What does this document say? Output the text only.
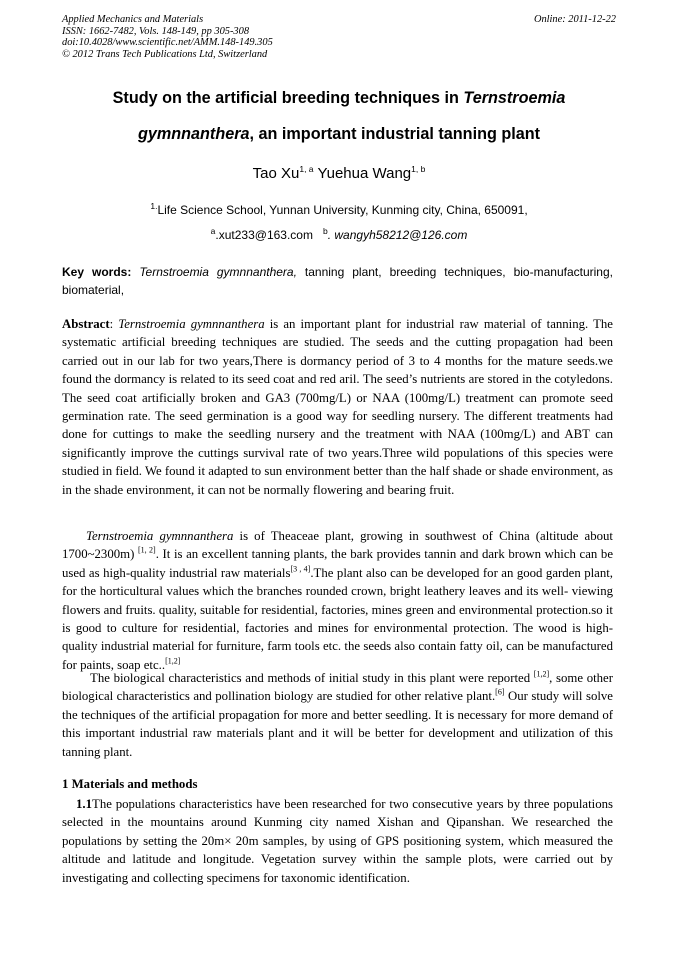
Applied Mechanics and Materials
ISSN: 1662-7482, Vols. 148-149, pp 305-308
doi:10.4028/www.scientific.net/AMM.148-149.305
© 2012 Trans Tech Publications Ltd, Switzerland
Online: 2011-12-22
Study on the artificial breeding techniques in Ternstroemia
gymnnanthera, an important industrial tanning plant
Tao Xu$^{1, a}$ Yuehua Wang$^{1, b}$
$^{1.}$Life Science School, Yunnan University, Kunming city, China, 650091,
$^a$.xut233@163.com $^b$. wangyh58212@126.com
Key words: Ternstroemia gymnnanthera, tanning plant, breeding techniques, bio-manufacturing, biomaterial,
Abstract: Ternstroemia gymnnanthera is an important plant for industrial raw material of tanning. The systematic artificial breeding techniques are studied. The seeds and the cutting propagation had been carried out in our lab for two years,There is dormancy period of 3 to 4 months for the mature seeds.we found the dormancy is related to its seed coat and red aril. The seed’s nutrients are stored in the cotyledons. The seed coat artificially broken and GA3 (700mg/L) or NAA (100mg/L) treatment can promote seed germination rate. The seed germination is a good way for seedling nursery. The different treatments had done for cuttings to make the seedling nursery and the treatment with NAA (100mg/L) and ABT can significantly improve the cuttings survival rate of two years.Three wild populations of this species were studied in field. We found it adapted to sun environment better than the half shade or shade environment, as in the shade environment, it can not be normally flowering and bearing fruit.
Ternstroemia gymnnanthera is of Theaceae plant, growing in southwest of China (altitude about 1700~2300m) [1, 2]. It is an excellent tanning plants, the bark provides tannin and dark brown which can be used as high-quality industrial raw materials[3 , 4].The plant also can be developed for an good garden plant, for the horticultural values which the branches rounded crown, bright leathery leaves and its well- viewing flowers and fruits. quality, suitable for residential, factories, mines green and environmental protection.so it is good to culture for residential, factories and mines for environmental protection. The wood is high-quality industrial material for furniture, farm tools etc. the seeds also contain fatty oil, can be manufactured for paints, soap etc..[1,2]
The biological characteristics and methods of initial study in this plant were reported [1,2], some other biological characteristics and pollination biology are studied for other relative plant.[6] Our study will solve the techniques of the artificial propagation for more and better seedling. It is necessary for more demand of this important industrial raw materials plant and it will be better for development and utilization of this tanning plant.
1 Materials and methods
1.1The populations characteristics have been researched for two consecutive years by three populations selected in the mountains around Kunming city named Xishan and Qipanshan. We researched the populations by setting the 20m× 20m samples, by using of GPS positioning system, which measured the altitude and latitude and longitude. Vegetation survey within the sample plots, were carried out by investigating and collecting specimens for taxonomic identification.
